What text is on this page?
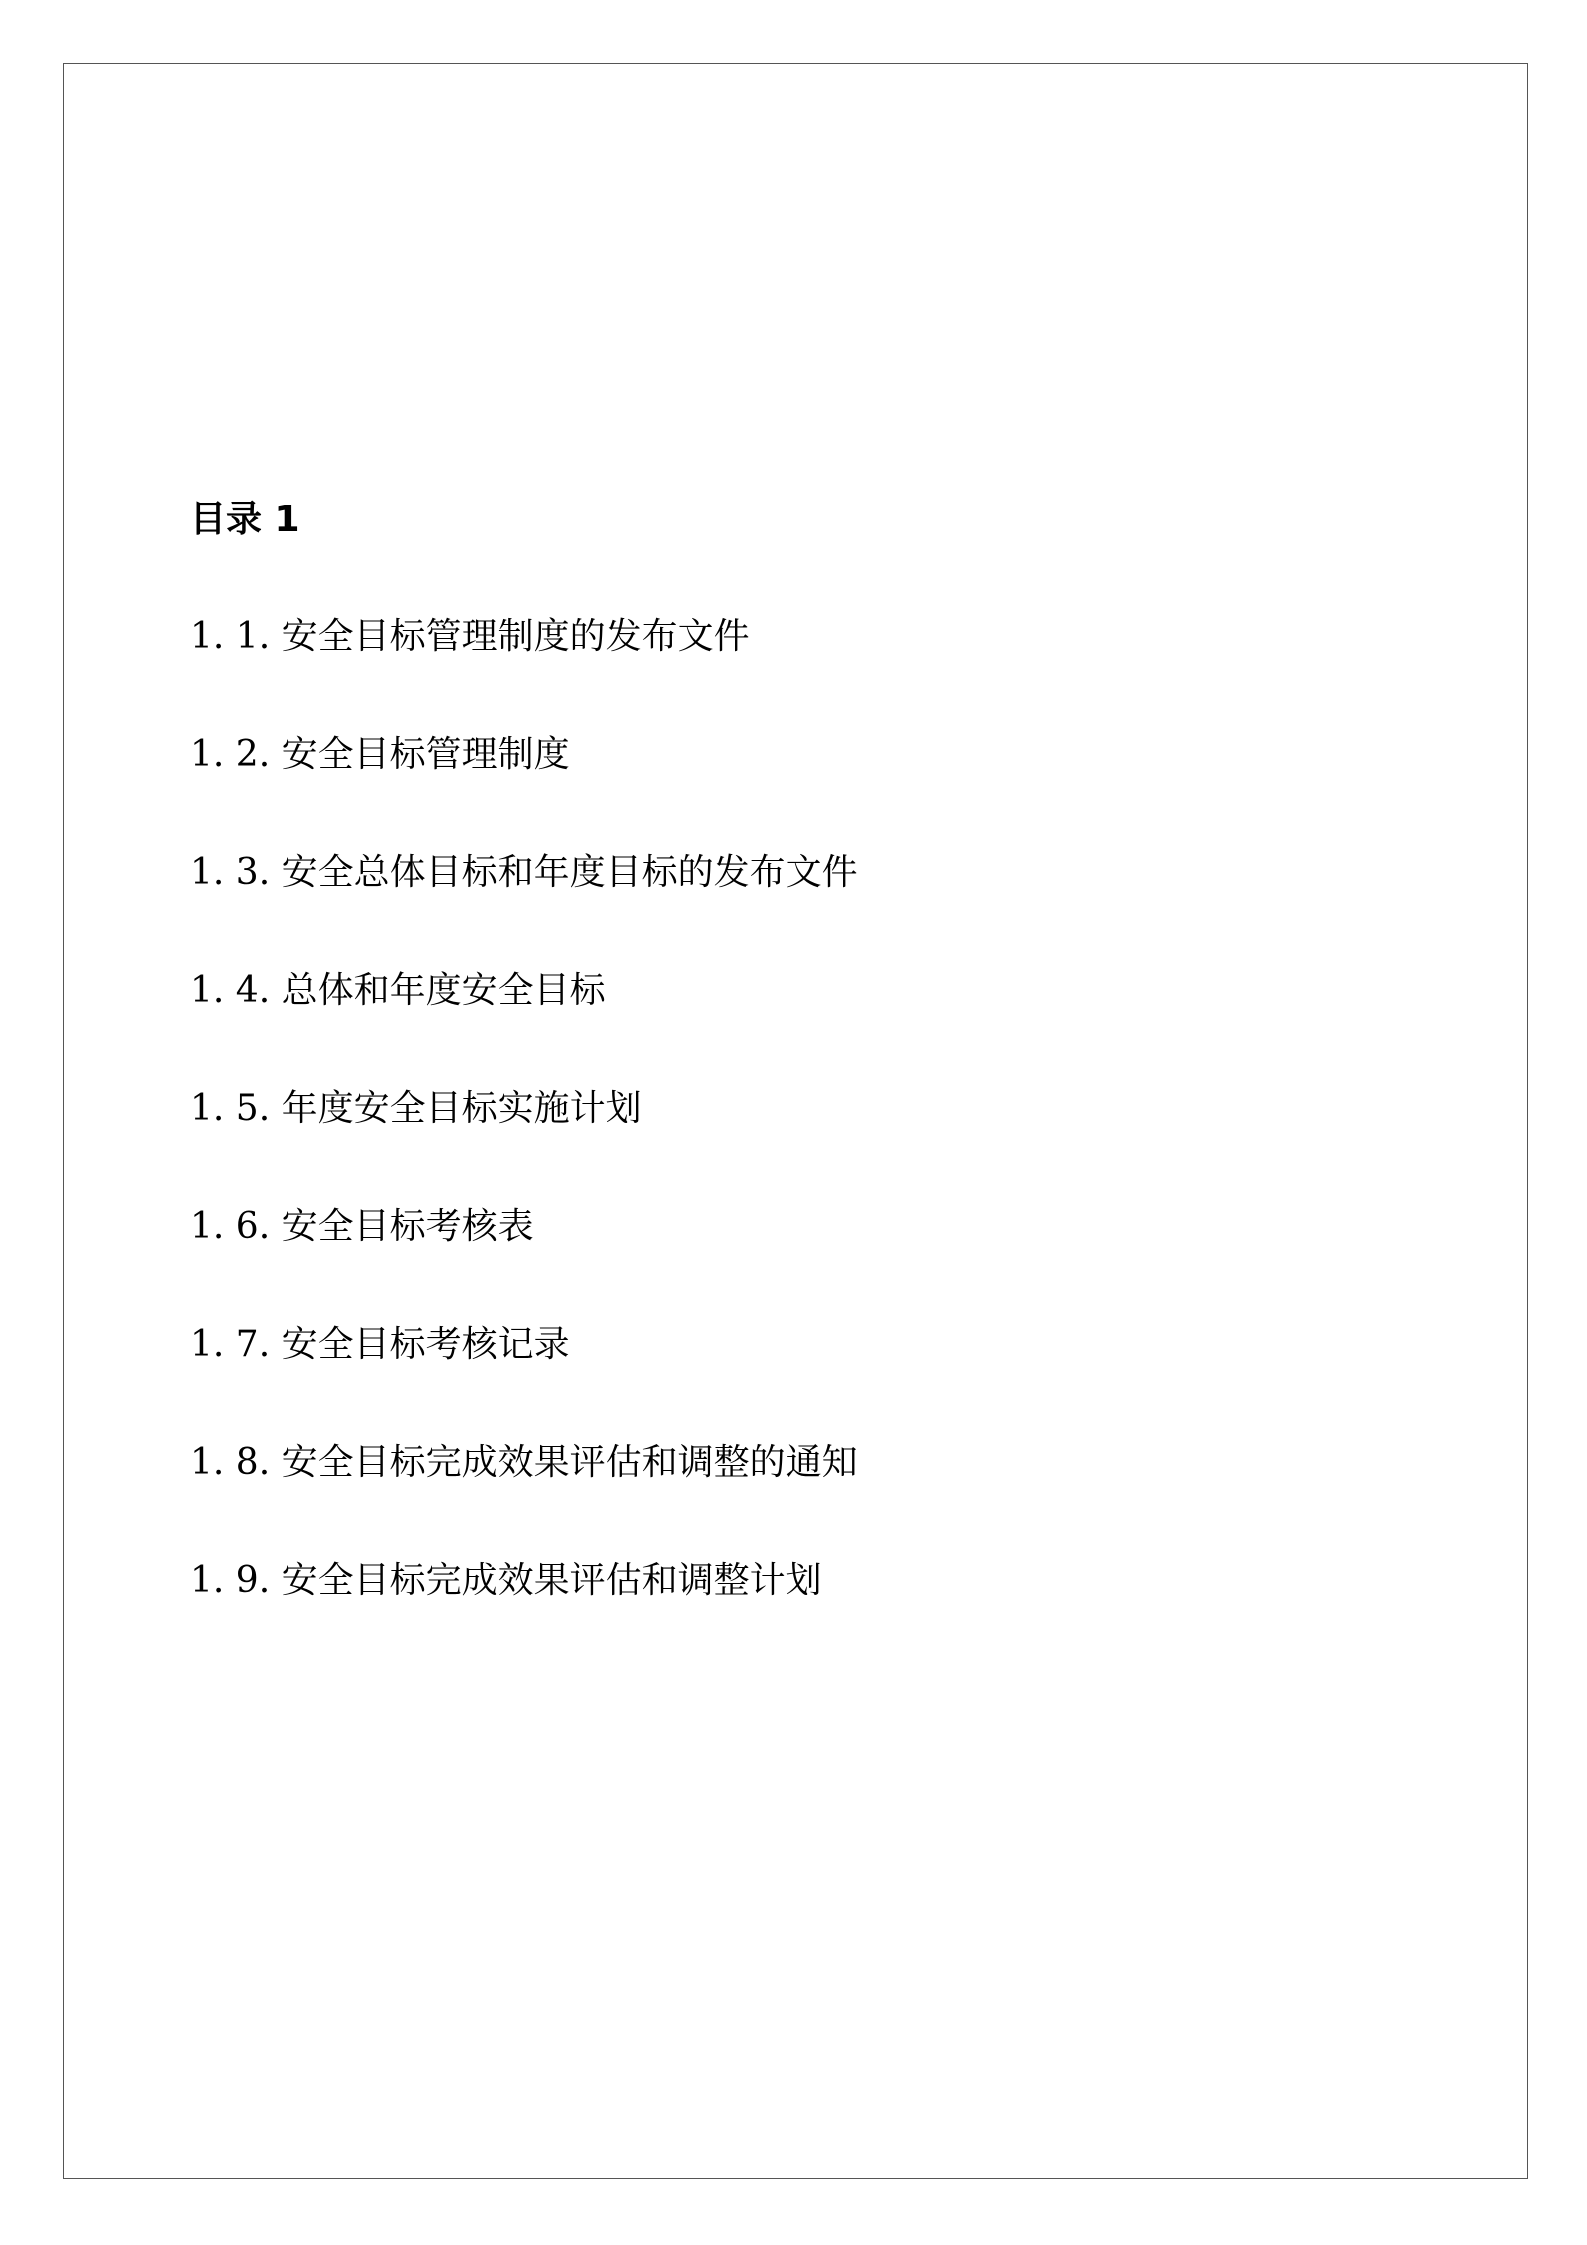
目录 1
1. 1. 安全目标管理制度的发布文件
1. 2. 安全目标管理制度
1. 3. 安全总体目标和年度目标的发布文件
1. 4. 总体和年度安全目标
1. 5. 年度安全目标实施计划
1. 6. 安全目标考核表
1. 7. 安全目标考核记录
1. 8. 安全目标完成效果评估和调整的通知
1. 9. 安全目标完成效果评估和调整计划
